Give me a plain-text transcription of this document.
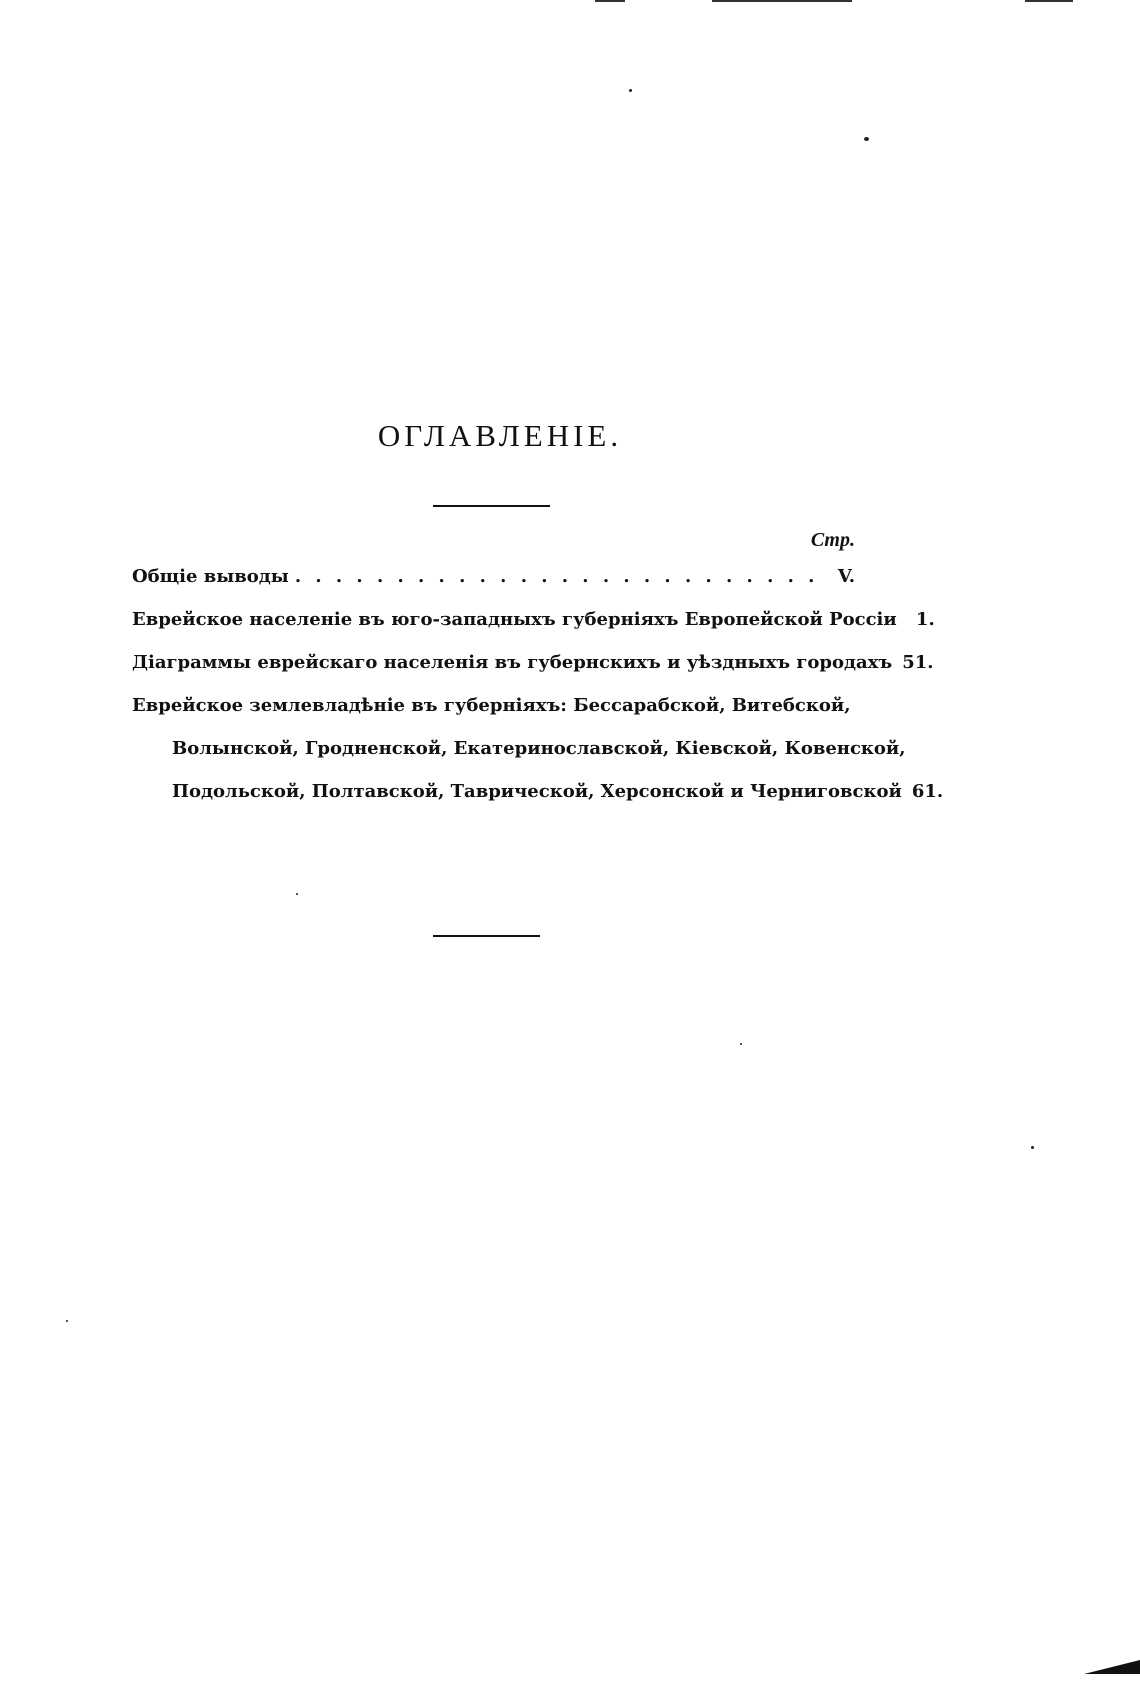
ОГЛАВЛЕНІЕ.
Стр.
Общіе выводы
. . .	V.
Еврейское населеніе въ юго-западныхъ губерніяхъ Европейской Россіи	1.
Діаграммы еврейскаго населенія въ губернскихъ и уѣздныхъ городахъ 51.
Еврейское землевладѣніе въ губерніяхъ: Бессарабской, Витебской,
Волынской, Гродненской, Екатеринославской, Кіевской, Ковенской,
Подольской, Полтавской, Таврической, Херсонской и Черниговской 61.
